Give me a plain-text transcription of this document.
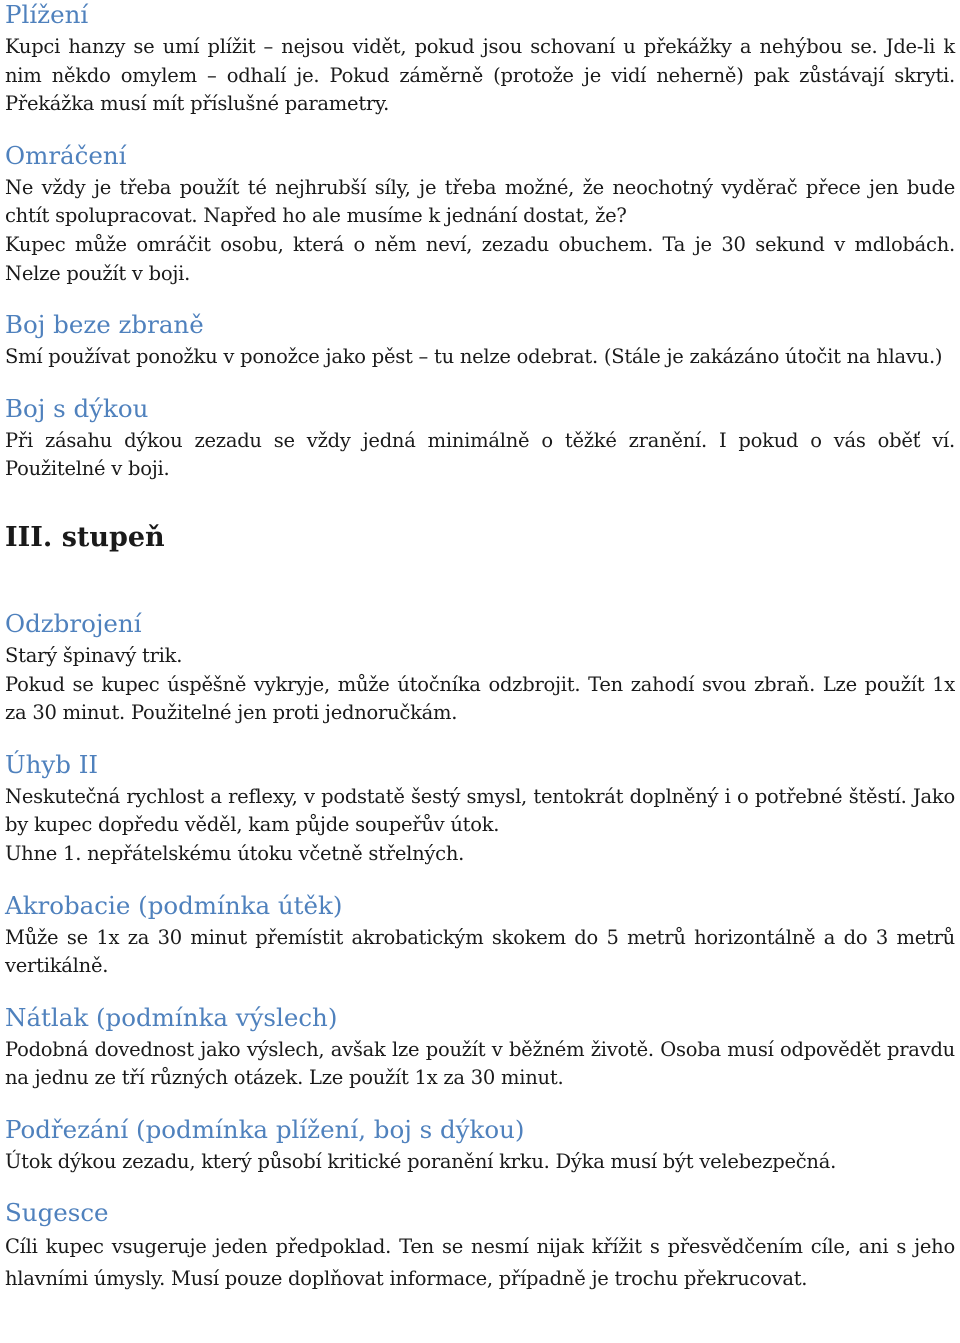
Plížení

Kupci hanzy se umí plížit – nejsou vidět, pokud jsou schovaní u překážky a nehýbou se. Jde-li k nim někdo omylem – odhalí je. Pokud záměrně (protože je vidí neherně) pak zůstávají skryti. Překážka musí mít příslušné parametry.

Omráčení

Ne vždy je třeba použít té nejhrubší síly, je třeba možné, že neochotný vyděrač přece jen bude chtít spolupracovat. Napřed ho ale musíme k jednání dostat, že?

Kupec může omráčit osobu, která o něm neví, zezadu obuchem. Ta je 30 sekund v mdlobách. Nelze použít v boji.

Boj beze zbraně

Smí používat ponožku v ponožce jako pěst – tu nelze odebrat. (Stále je zakázáno útočit na hlavu.)

Boj s dýkou

Při zásahu dýkou zezadu se vždy jedná minimálně o těžké zranění. I pokud o vás oběť ví. Použitelné v boji.

III. stupeň
Odzbrojení

Starý špinavý trik.

Pokud se kupec úspěšně vykryje, může útočníka odzbrojit. Ten zahodí svou zbraň. Lze použít 1x za 30 minut. Použitelné jen proti jednoručkám.

Úhyb II

Neskutečná rychlost a reflexy, v podstatě šestý smysl, tentokrát doplněný i o potřebné štěstí. Jako by kupec dopředu věděl, kam půjde soupeřův útok.

Uhne 1. nepřátelskému útoku včetně střelných.

Akrobacie (podmínka útěk)

Může se 1x za 30 minut přemístit akrobatickým skokem do 5 metrů horizontálně a do 3 metrů vertikálně.

Nátlak (podmínka výslech)

Podobná dovednost jako výslech, avšak lze použít v běžném životě. Osoba musí odpovědět pravdu na jednu ze tří různých otázek. Lze použít 1x za 30 minut.

Podřezání (podmínka plížení, boj s dýkou)

Útok dýkou zezadu, který působí kritické poranění krku. Dýka musí být velebezpečná.

Sugesce

Cíli kupec vsugeruje jeden předpoklad. Ten se nesmí nijak křížit s přesvědčením cíle, ani s jeho hlavními úmysly. Musí pouze doplňovat informace, případně je trochu překrucovat.
